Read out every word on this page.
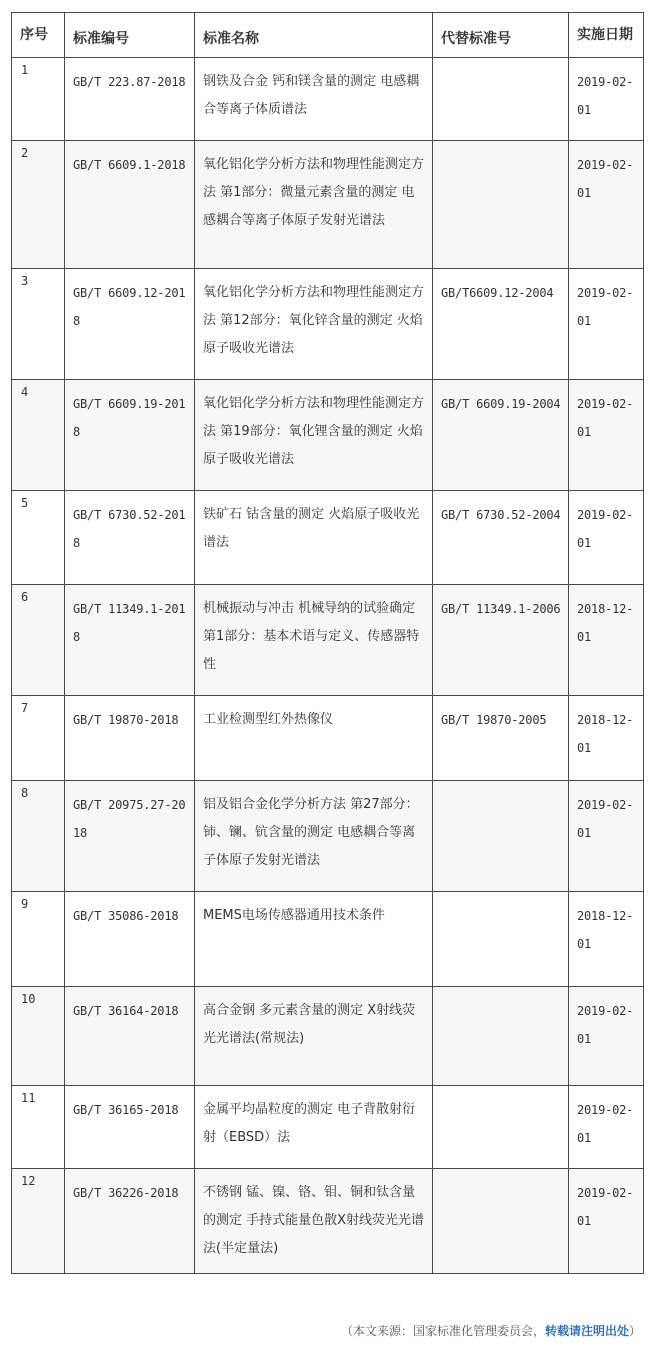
序号	标准编号	标准名称	代替标准号	实施日期
1	GB/T 223.87-2018	钢铁及合金 钙和镁含量的测定 电感耦合等离子体质谱法		2019-02-01
2	GB/T 6609.1-2018	氧化铝化学分析方法和物理性能测定方法 第1部分：微量元素含量的测定 电感耦合等离子体原子发射光谱法		2019-02-01
3	GB/T 6609.12-2018	氧化铝化学分析方法和物理性能测定方法 第12部分：氧化锌含量的测定 火焰原子吸收光谱法	GB/T6609.12-2004	2019-02-01
4	GB/T 6609.19-2018	氧化铝化学分析方法和物理性能测定方法 第19部分：氧化锂含量的测定 火焰原子吸收光谱法	GB/T 6609.19-2004	2019-02-01
5	GB/T 6730.52-2018	铁矿石 钴含量的测定 火焰原子吸收光谱法	GB/T 6730.52-2004	2019-02-01
6	GB/T 11349.1-2018	机械振动与冲击 机械导纳的试验确定 第1部分：基本术语与定义、传感器特性	GB/T 11349.1-2006	2018-12-01
7	GB/T 19870-2018	工业检测型红外热像仪	GB/T 19870-2005	2018-12-01
8	GB/T 20975.27-2018	铝及铝合金化学分析方法 第27部分：铈、镧、钪含量的测定 电感耦合等离子体原子发射光谱法		2019-02-01
9	GB/T 35086-2018	MEMS电场传感器通用技术条件		2018-12-01
10	GB/T 36164-2018	高合金钢 多元素含量的测定 X射线荧光光谱法(常规法)		2019-02-01
11	GB/T 36165-2018	金属平均晶粒度的测定 电子背散射衍射（EBSD）法		2019-02-01
12	GB/T 36226-2018	不锈钢 锰、镍、铬、钼、铜和钛含量的测定 手持式能量色散X射线荧光光谱法(半定量法)		2019-02-01
（本文来源：国家标准化管理委员会，转载请注明出处）
